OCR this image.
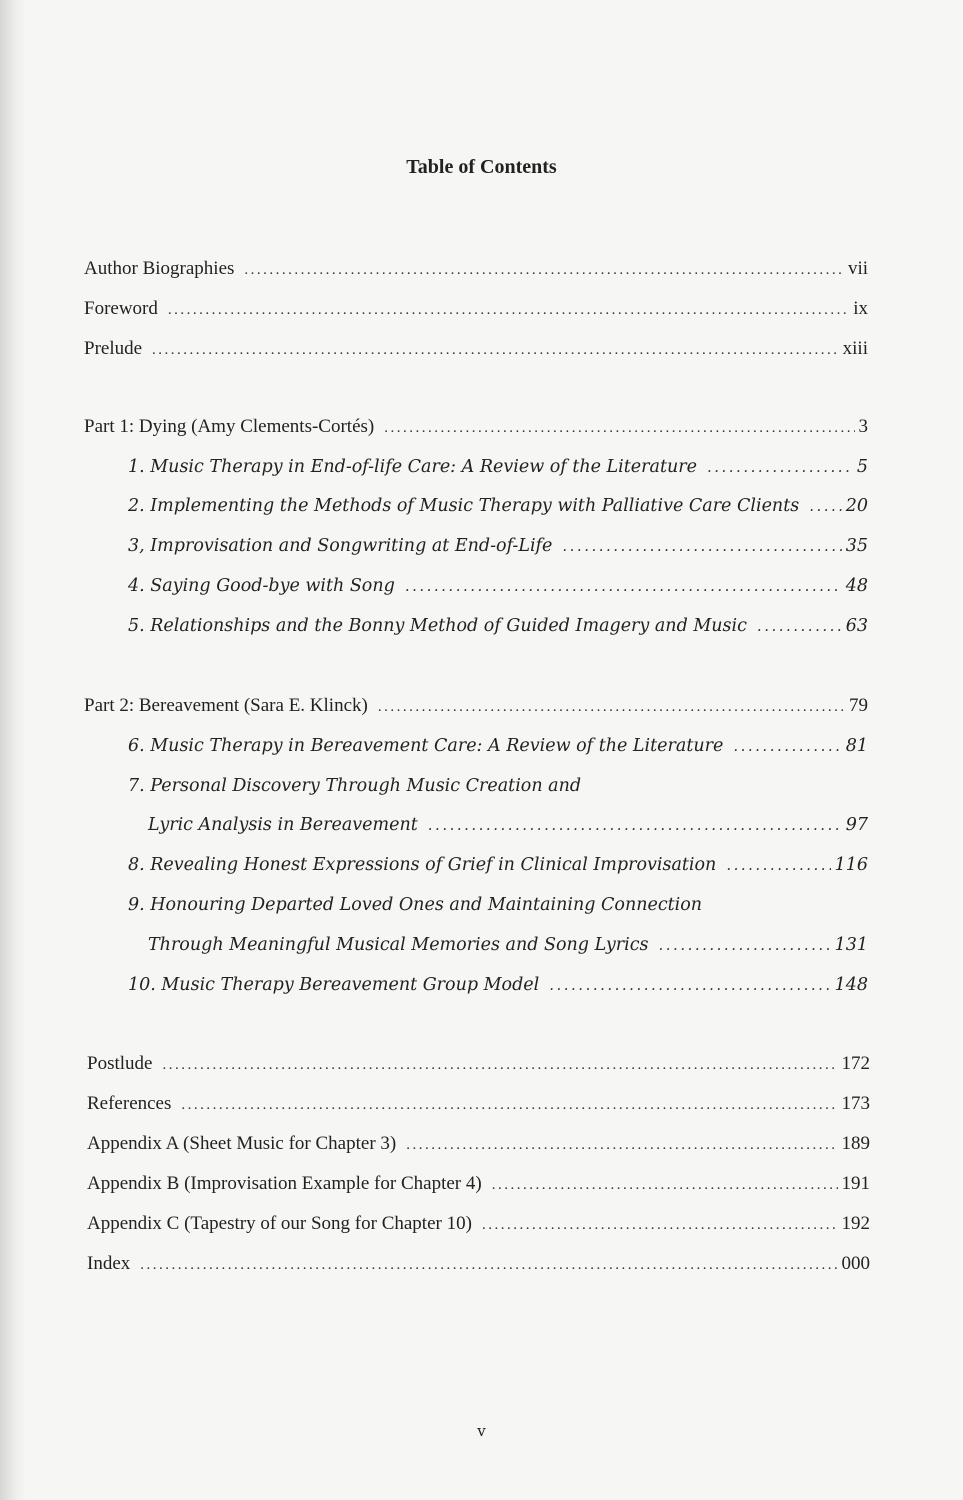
Table of Contents
Author Biographies .....	vii
Foreword .....	ix
Prelude .....	xiii
Part 1: Dying (Amy Clements-Cortés) .....	3
1. Music Therapy in End-of-life Care: A Review of the Literature .....	5
2. Implementing the Methods of Music Therapy with Palliative Care Clients .....	20
3, Improvisation and Songwriting at End-of-Life .....	35
4. Saying Good-bye with Song .....	48
5. Relationships and the Bonny Method of Guided Imagery and Music .....	63
Part 2: Bereavement (Sara E. Klinck) .....	79
6. Music Therapy in Bereavement Care: A Review of the Literature .....	81
7. Personal Discovery Through Music Creation and
Lyric Analysis in Bereavement .....	97
8. Revealing Honest Expressions of Grief in Clinical Improvisation .....	116
9. Honouring Departed Loved Ones and Maintaining Connection
Through Meaningful Musical Memories and Song Lyrics .....	131
10. Music Therapy Bereavement Group Model .....	148
Postlude .....	172
References .....	173
Appendix A (Sheet Music for Chapter 3) .....	189
Appendix B (Improvisation Example for Chapter 4) .....	191
Appendix C (Tapestry of our Song for Chapter 10) .....	192
Index .....	000
v
